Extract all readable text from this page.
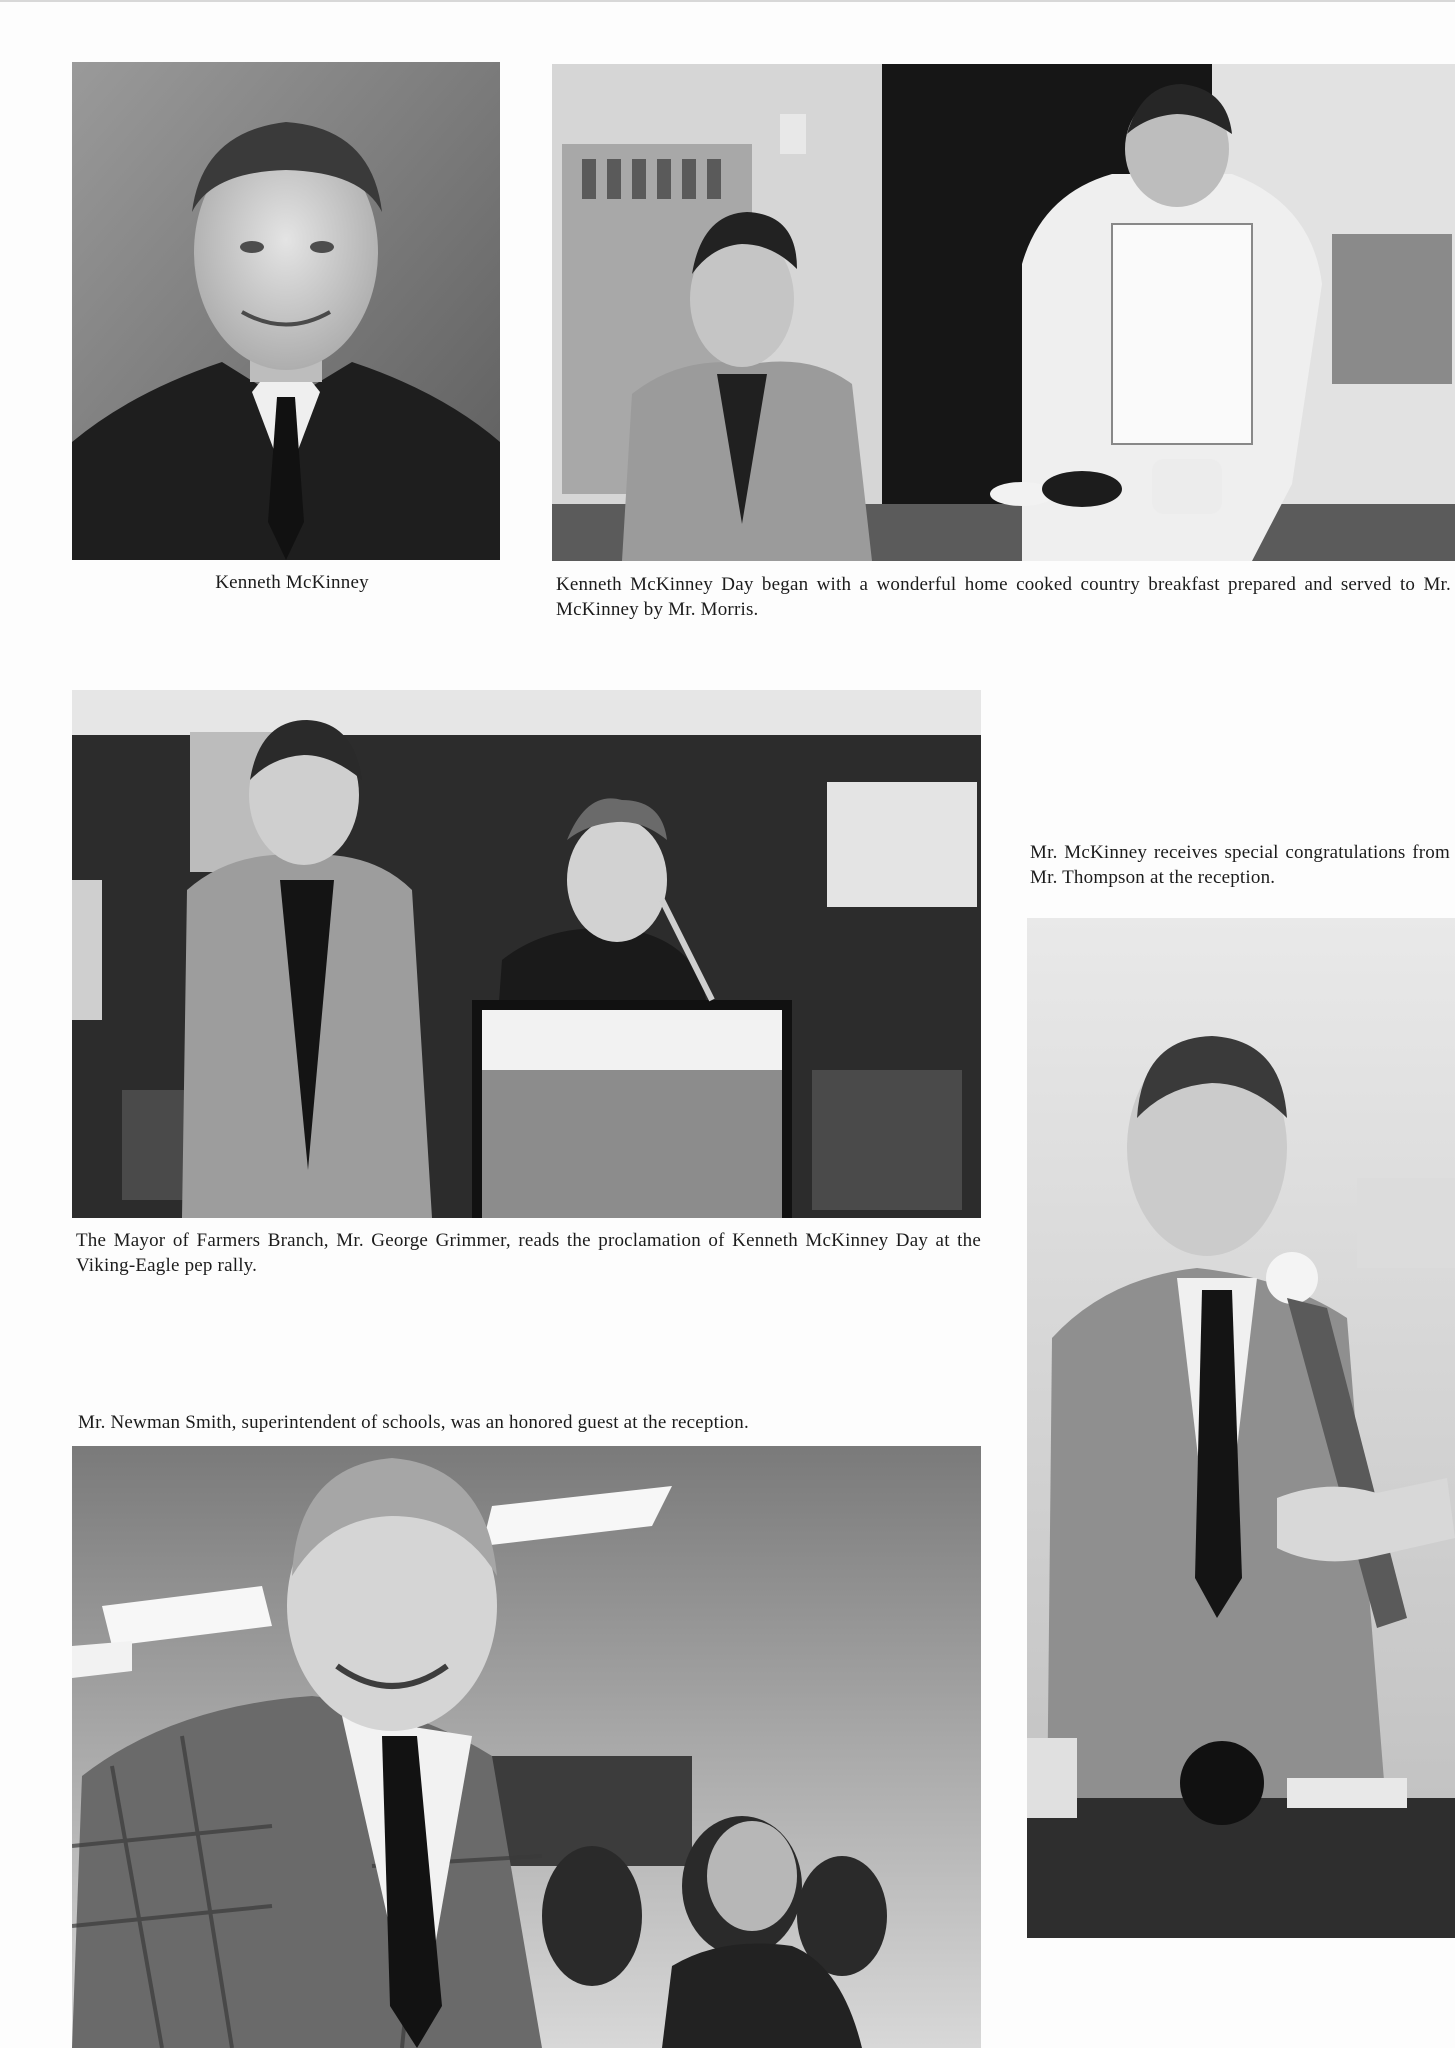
Kenneth McKinney	Kenneth McKinney Day began with a wonderful home cooked country breakfast prepared and served to Mr. McKinney by Mr. Morris.
The Mayor of Farmers Branch, Mr. George Grimmer, reads the proclamation of Kenneth McKinney Day at the Viking-Eagle pep rally.
Mr. McKinney receives special congratulations from Mr. Thompson at the reception.
Mr. Newman Smith, superintendent of schools, was an honored guest at the reception.
